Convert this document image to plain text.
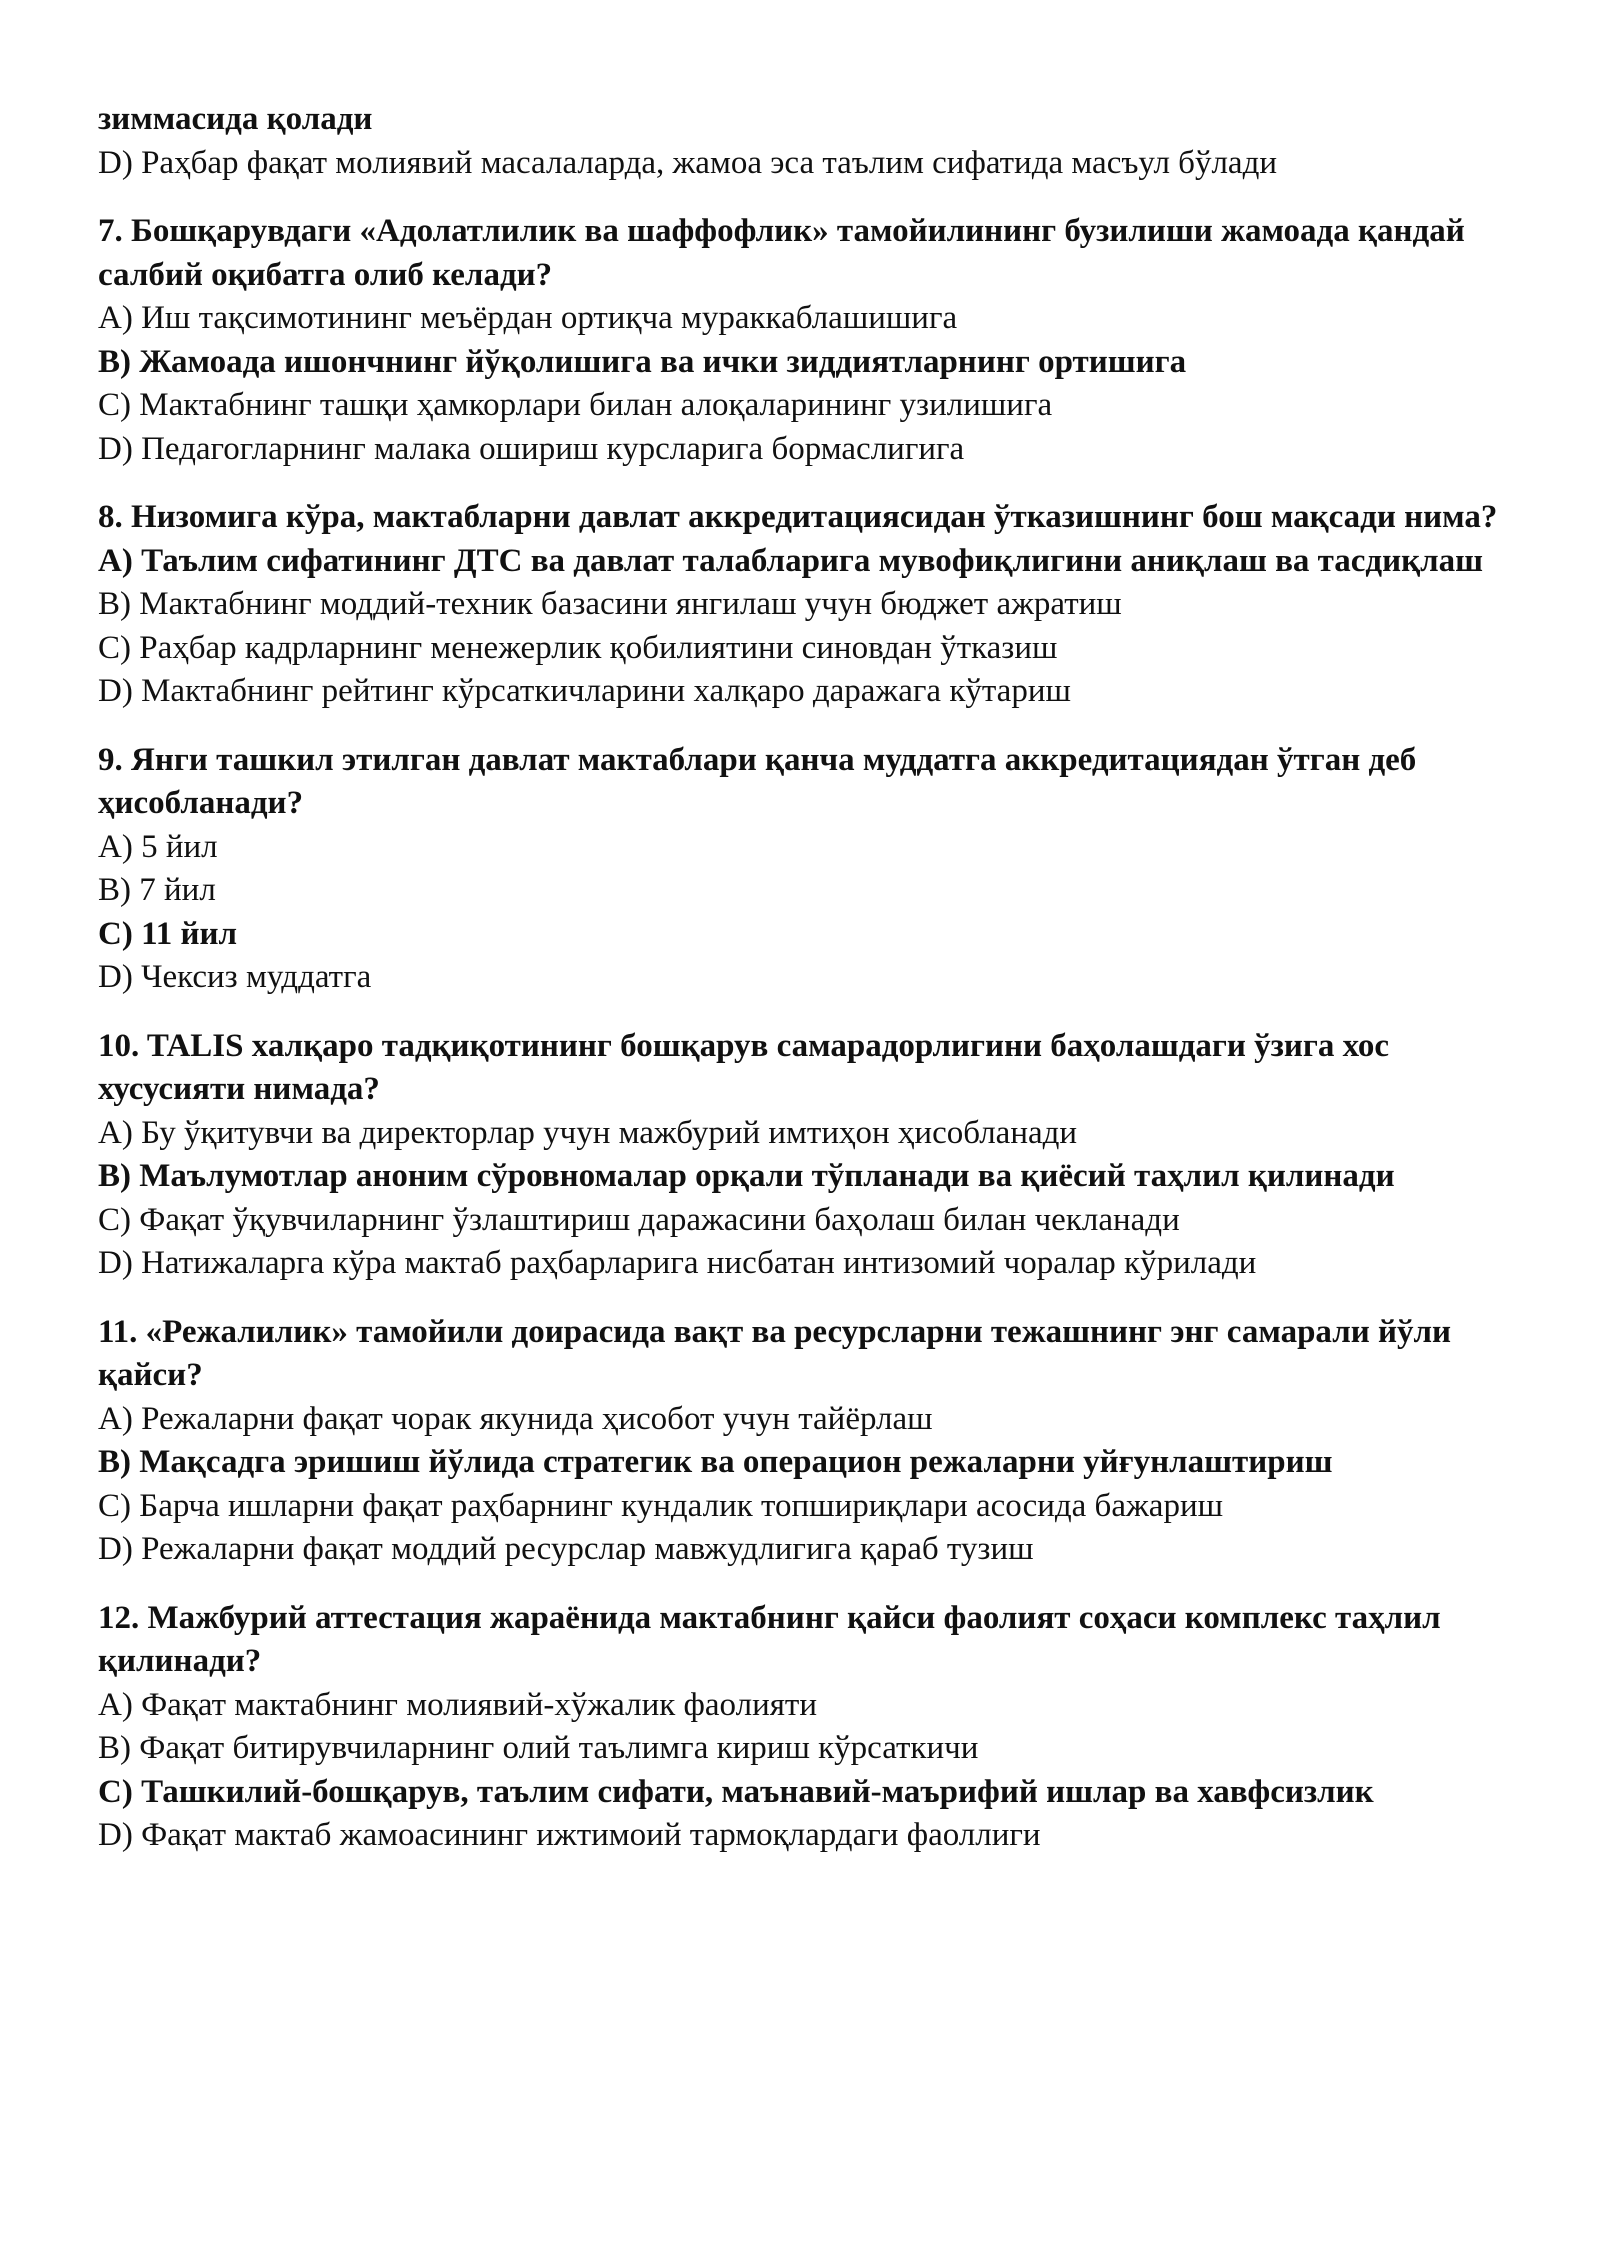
зиммасида қолади

D) Раҳбар фақат молиявий масалаларда, жамоа эса таълим сифатида масъул бўлади

7. Бошқарувдаги «Адолатлилик ва шаффофлик» тамойилининг бузилиши жамоада қандай салбий оқибатга олиб келади?

A) Иш тақсимотининг меъёрдан ортиқча мураккаблашишига

B) Жамоада ишончнинг йўқолишига ва ички зиддиятларнинг ортишига

C) Мактабнинг ташқи ҳамкорлари билан алоқаларининг узилишига

D) Педагогларнинг малака ошириш курсларига бормаслигига

8. Низомига кўра, мактабларни давлат аккредитациясидан ўтказишнинг бош мақсади нима?

A) Таълим сифатининг ДТС ва давлат талабларига мувофиқлигини аниқлаш ва тасдиқлаш

B) Мактабнинг моддий-техник базасини янгилаш учун бюджет ажратиш

C) Раҳбар кадрларнинг менежерлик қобилиятини синовдан ўтказиш

D) Мактабнинг рейтинг кўрсаткичларини халқаро даражага кўтариш

9. Янги ташкил этилган давлат мактаблари қанча муддатга аккредитациядан ўтган деб ҳисобланади?

A) 5 йил

B) 7 йил

C) 11 йил

D) Чексиз муддатга

10. TALIS халқаро тадқиқотининг бошқарув самарадорлигини баҳолашдаги ўзига хос хусусияти нимада?

A) Бу ўқитувчи ва директорлар учун мажбурий имтиҳон ҳисобланади

B) Маълумотлар аноним сўровномалар орқали тўпланади ва қиёсий таҳлил қилинади

C) Фақат ўқувчиларнинг ўзлаштириш даражасини баҳолаш билан чекланади

D) Натижаларга кўра мактаб раҳбарларига нисбатан интизомий чоралар кўрилади

11. «Режалилик» тамойили доирасида вақт ва ресурсларни тежашнинг энг самарали йўли қайси?

A) Режаларни фақат чорак якунида ҳисобот учун тайёрлаш

B) Мақсадга эришиш йўлида стратегик ва операцион режаларни уйғунлаштириш

C) Барча ишларни фақат раҳбарнинг кундалик топшириқлари асосида бажариш

D) Режаларни фақат моддий ресурслар мавжудлигига қараб тузиш

12. Мажбурий аттестация жараёнида мактабнинг қайси фаолият соҳаси комплекс таҳлил қилинади?

A) Фақат мактабнинг молиявий-хўжалик фаолияти

B) Фақат битирувчиларнинг олий таълимга кириш кўрсаткичи

C) Ташкилий-бошқарув, таълим сифати, маънавий-маърифий ишлар ва хавфсизлик

D) Фақат мактаб жамоасининг ижтимоий тармоқлардаги фаоллиги
